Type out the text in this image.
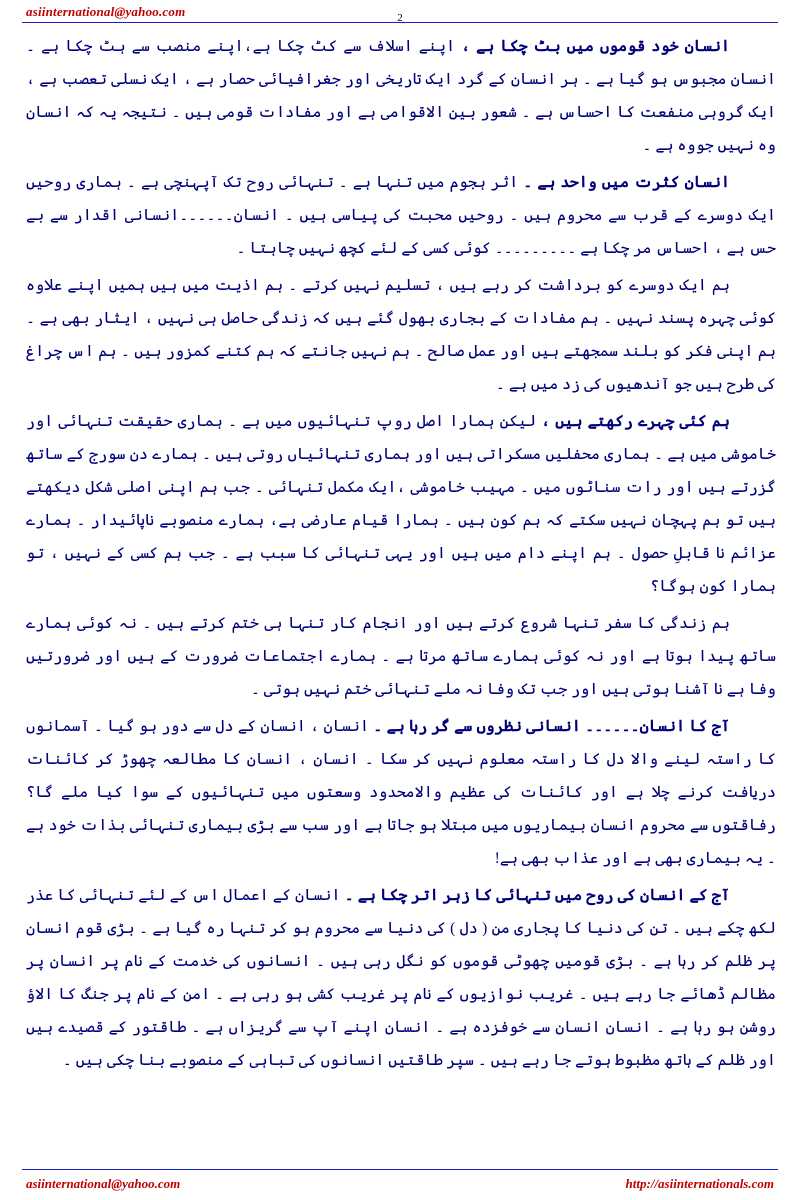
asiinternational@yahoo.com	2

انسان خود قوموں میں بٹ چکا ہے ، اپنے اسلاف سے کٹ چکا ہے،اپنے منصب سے ہٹ چکا ہے ۔ انسان مجبوس ہو گیا ہے ۔ ہر انسان کے گرد ایک تاریخی اور جغرافیائی حصار ہے ، ایک نسلی تعصب ہے ، ایک گروہی منفعت کا احساس ہے ۔ شعور بین الاقوامی ہے اور مفادات قومی ہیں ۔ نتیجہ یہ کہ انسان وہ نہیں جووہ ہے ۔

انسان کثرت میں واحد ہے ۔ اثر ہجوم میں تنہا ہے ۔ تنہائی روح تک آپہنچی ہے ۔ ہماری روحیں ایک دوسرے کے قرب سے محروم ہیں ۔ روحیں محبت کی پیاسی ہیں ۔ انسان۔۔۔۔۔۔انسانی اقدار سے بے حس ہے ، احساس مر چکا ہے ۔۔۔۔۔۔۔۔۔ کوئی کسی کے لئے کچھ نہیں چاہتا ۔

ہم ایک دوسرے کو برداشت کر رہے ہیں ، تسلیم نہیں کرتے ۔ ہم اذیت میں ہیں ہمیں اپنے علاوہ کوئی چہرہ پسند نہیں ۔ ہم مفادات کے بجاری بھول گئے ہیں کہ زندگی حاصل ہی نہیں ، ایثار بھی ہے ۔ ہم اپنی فکر کو بلند سمجھتے ہیں اور عمل صالح ۔ ہم نہیں جانتے کہ ہم کتنے کمزور ہیں ۔ ہم اس چراغ کی طرح ہیں جو آندھیوں کی زد میں ہے ۔

ہم کئی چہرے رکھتے ہیں ، لیکن ہمارا اصل روپ تنہائیوں میں ہے ۔ ہماری حقیقت تنہائی اور خاموشی میں ہے ۔ ہماری محفلیں مسکراتی ہیں اور ہماری تنہائیاں روتی ہیں ۔ ہمارے دن سورج کے ساتھ گزرتے ہیں اور رات سناٹوں میں ۔ مہیب خاموشی ،ایک مکمل تنہائی ۔ جب ہم اپنی اصلی شکل دیکھتے ہیں تو ہم پہچان نہیں سکتے کہ ہم کون ہیں ۔ ہمارا قیام عارضی ہے، ہمارے منصوبے ناپائیدار ۔ ہمارے عزائم نا قابلِ حصول ۔ ہم اپنے دام میں ہیں اور یہی تنہائی کا سبب ہے ۔ جب ہم کسی کے نہیں ، تو ہمارا کون ہوگا؟

ہم زندگی کا سفر تنہا شروع کرتے ہیں اور انجام کار تنہا ہی ختم کرتے ہیں ۔ نہ کوئی ہمارے ساتھ پیدا ہوتا ہے اور نہ کوئی ہمارے ساتھ مرتا ہے ۔ ہمارے اجتماعات ضرورت کے ہیں اور ضرورتیں وفا ہے نا آشنا ہوتی ہیں اور جب تک وفا نہ ملے تنہائی ختم نہیں ہوتی ۔

آج کا انسان۔۔۔۔۔۔ انسانی نظروں سے گر رہا ہے ۔ انسان ، انسان کے دل سے دور ہو گیا ۔ آسمانوں کا راستہ لینے والا دل کا راستہ معلوم نہیں کر سکا ۔ انسان ، انسان کا مطالعہ چھوڑ کر کائنات دریافت کرنے چلا ہے اور کائنات کی عظیم والامحدود وسعتوں میں تنہائیوں کے سوا کیا ملے گا؟ رفاقتوں سے محروم انسان بیماریوں میں مبتلا ہو جاتا ہے اور سب سے بڑی بیماری تنہائی بذات خود ہے ۔ یہ بیماری بھی ہے اور عذاب بھی ہے!

آج کے انسان کی روح میں تنہائی کا زہر اتر چکا ہے ۔ انسان کے اعمال اس کے لئے تنہائی کا عذر لکھ چکے ہیں ۔ تن کی دنیا کا پجاری من ( دل ) کی دنیا سے محروم ہو کر تنہا رہ گیا ہے ۔ بڑی قوم انسان پر ظلم کر رہا ہے ۔ بڑی قومیں چھوٹی قوموں کو نگل رہی ہیں ۔ انسانوں کی خدمت کے نام پر انسان پر مظالم ڈھائے جا رہے ہیں ۔ غریب نوازیوں کے نام پر غریب کشی ہو رہی ہے ۔ امن کے نام پر جنگ کا الاؤ روشن ہو رہا ہے ۔ انسان انسان سے خوفزدہ ہے ۔ انسان اپنے آپ سے گریزاں ہے ۔ طاقتور کے قصیدے ہیں اور ظلم کے ہاتھ مظبوط ہوتے جا رہے ہیں ۔ سپر طاقتیں انسانوں کی تباہی کے منصوبے بنا چکی ہیں ۔

asiinternational@yahoo.com	http://asiinternationals.com
